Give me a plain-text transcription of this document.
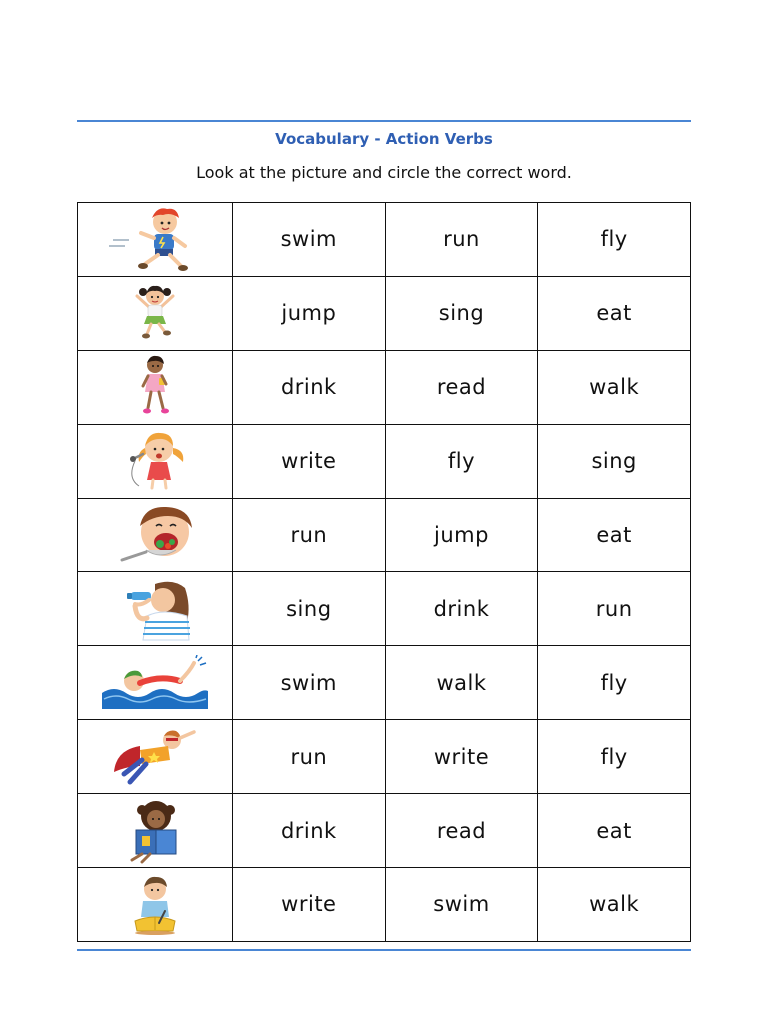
Vocabulary - Action Verbs
Look at the picture and circle the correct word.
	swim	run	fly

	jump	sing	eat

	drink	read	walk

	write	fly	sing

	run	jump	eat

	sing	drink	run

	swim	walk	fly

	run	write	fly

	drink	read	eat

	write	swim	walk
